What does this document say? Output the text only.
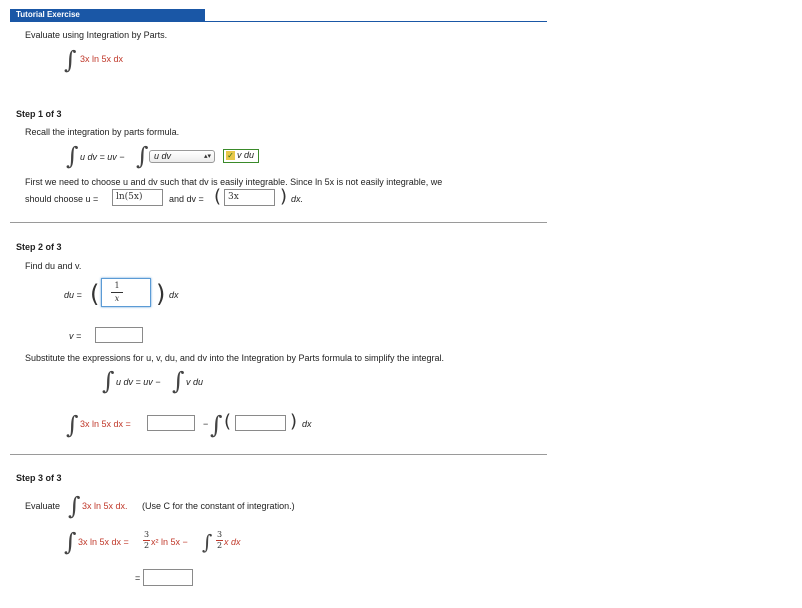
Tutorial Exercise
Evaluate using Integration by Parts.
∫ 3x ln 5x dx
Step 1 of 3
Recall the integration by parts formula.
∫ u dv = uv − ∫ u dv	▴▾	✓ v du
First we need to choose u and dv such that dv is easily integrable. Since ln 5x is not easily integrable, we
should choose u =	ln(5x)	and dv = ( 3x	) dx.
Step 2 of 3
Find du and v.
du = (	1
x ) dx
v =
Substitute the expressions for u, v, du, and dv into the Integration by Parts formula to simplify the integral.
∫ u dv = uv − ∫ v du
∫ 3x ln 5x dx =	− ∫ (	) dx
Step 3 of 3
Evaluate ∫ 3x ln 5x dx. (Use C for the constant of integration.)
∫ 3x ln 5x dx =
3
2 x² ln 5x − ∫ 3
2 x dx
=
